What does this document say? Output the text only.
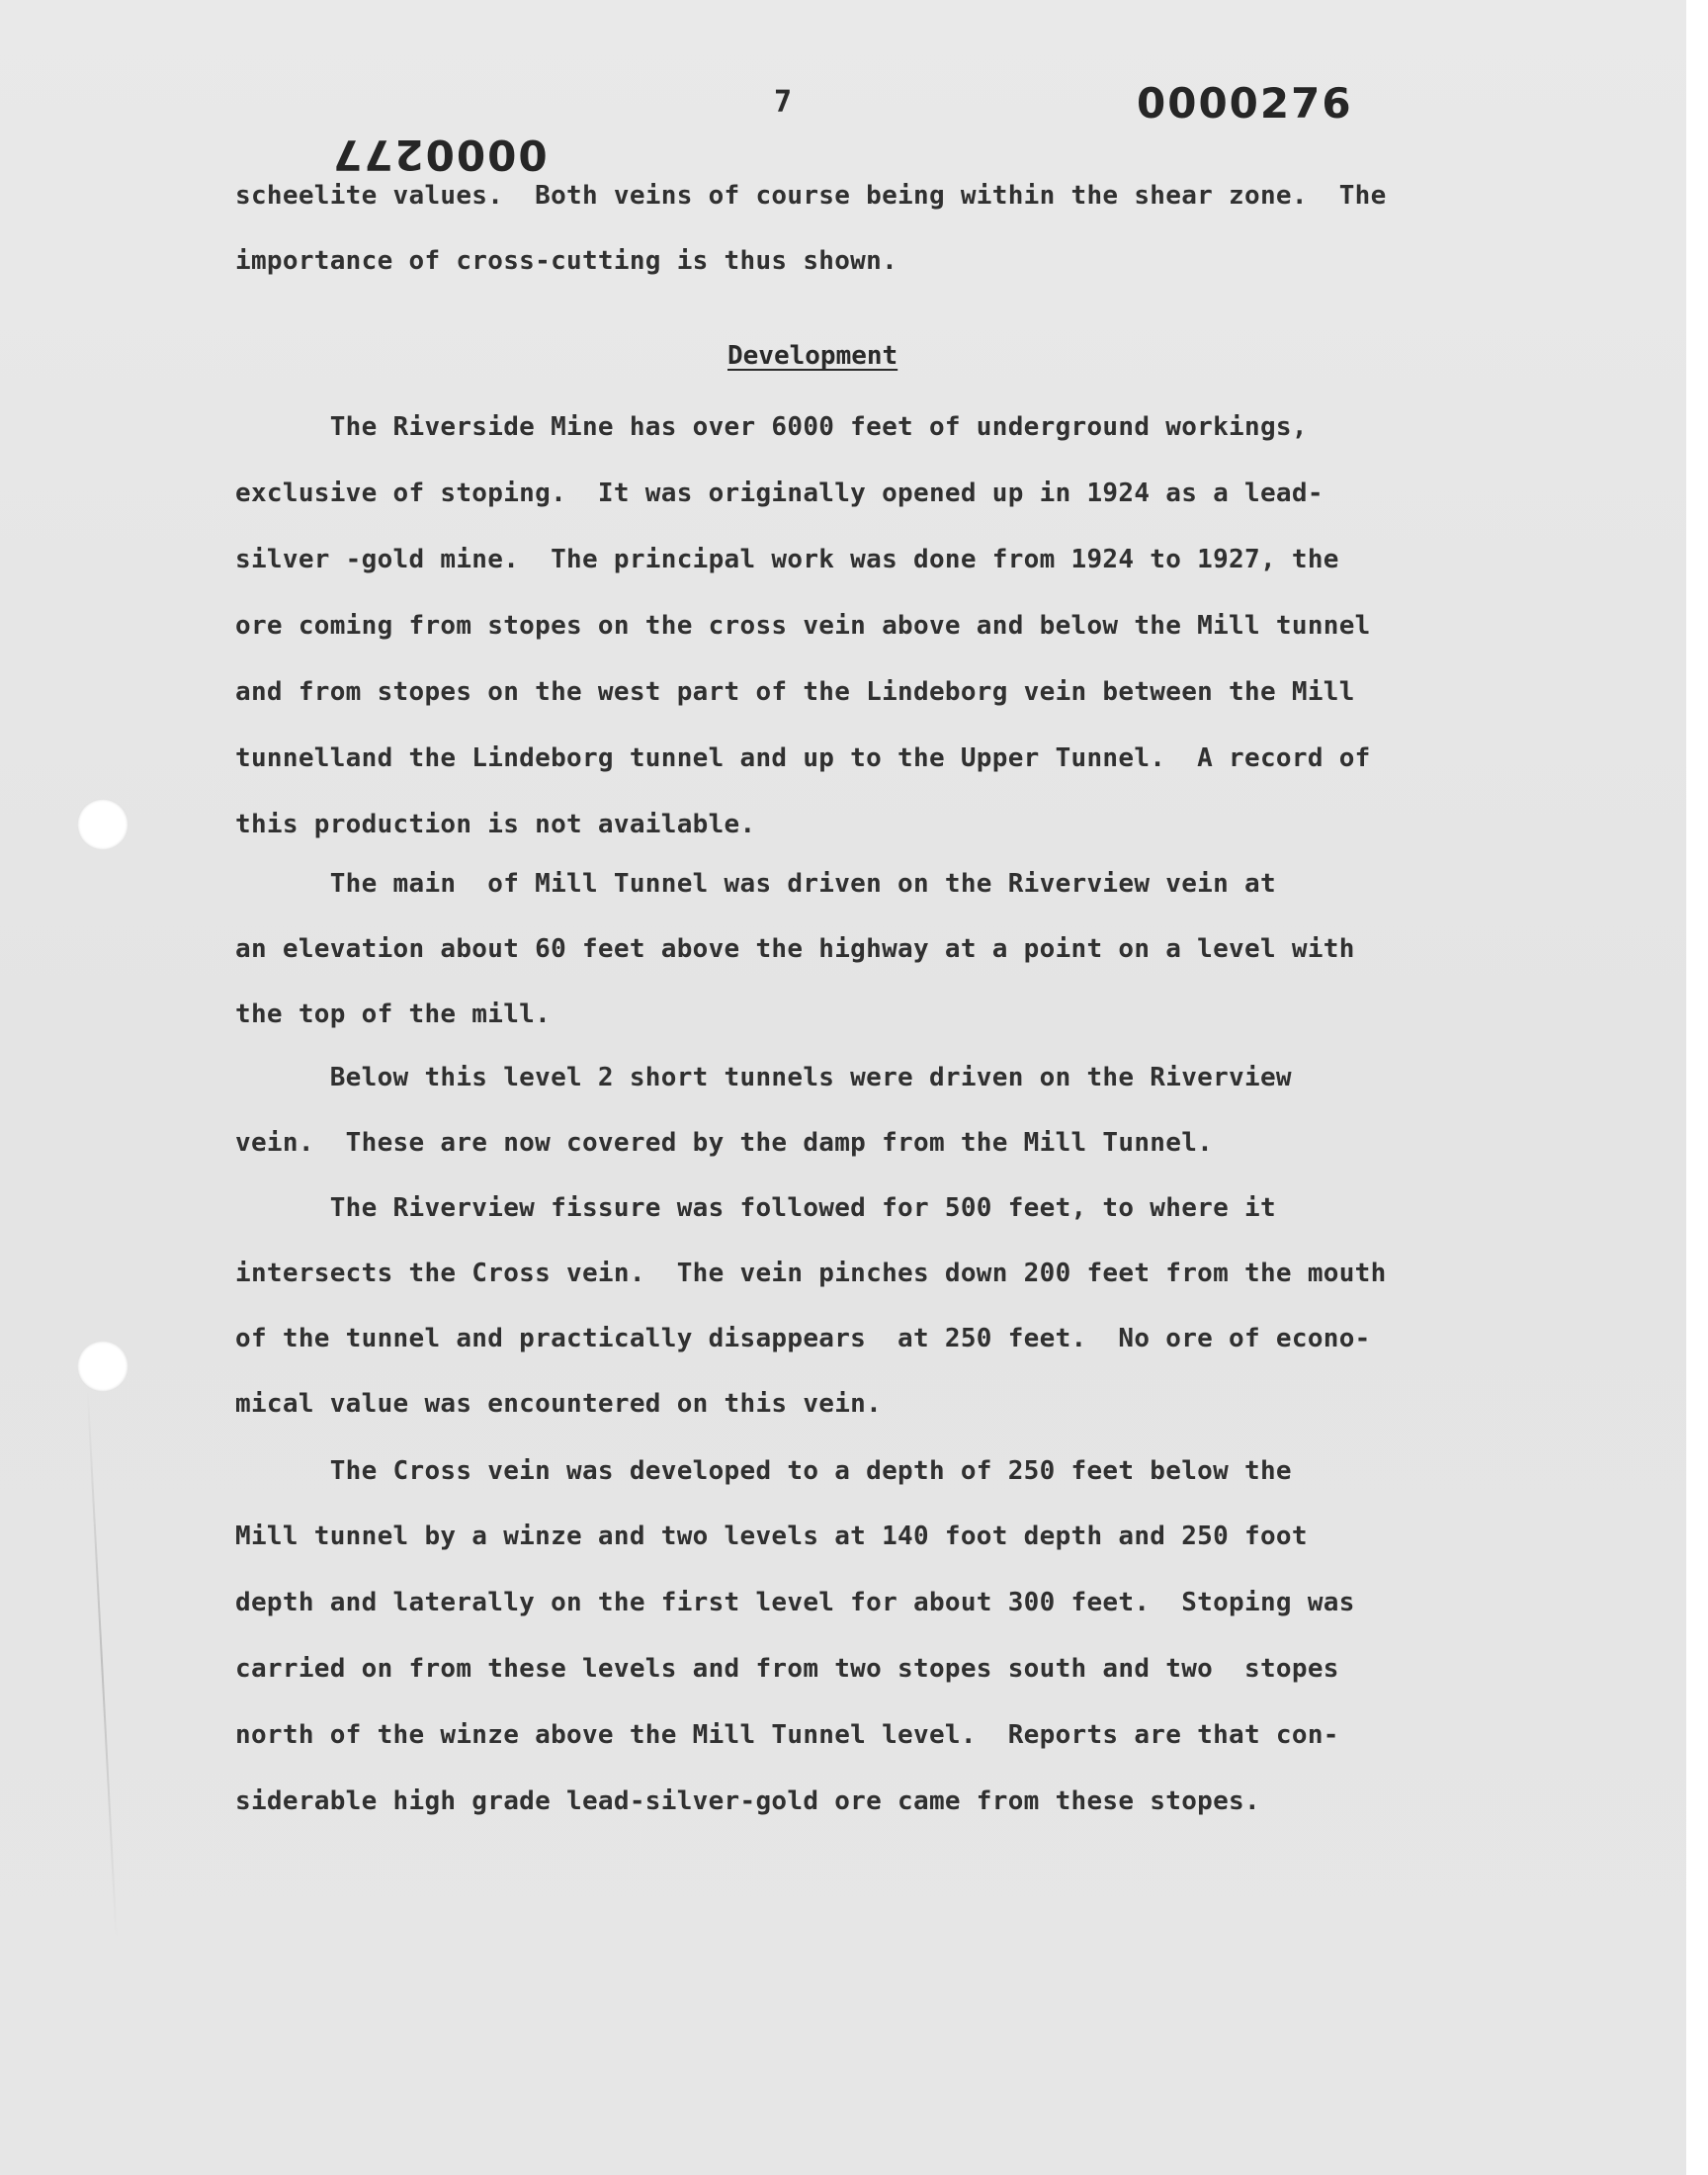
7	0000276
0000277
scheelite values.  Both veins of course being within the shear zone.  The
importance of cross-cutting is thus shown.
Development
The Riverside Mine has over 6000 feet of underground workings,
exclusive of stoping.  It was originally opened up in 1924 as a lead-
silver -gold mine.  The principal work was done from 1924 to 1927, the
ore coming from stopes on the cross vein above and below the Mill tunnel
and from stopes on the west part of the Lindeborg vein between the Mill
tunnelland the Lindeborg tunnel and up to the Upper Tunnel.  A record of
this production is not available.
The main  of Mill Tunnel was driven on the Riverview vein at
an elevation about 60 feet above the highway at a point on a level with
the top of the mill.
Below this level 2 short tunnels were driven on the Riverview
vein.  These are now covered by the damp from the Mill Tunnel.
The Riverview fissure was followed for 500 feet, to where it
intersects the Cross vein.  The vein pinches down 200 feet from the mouth
of the tunnel and practically disappears  at 250 feet.  No ore of econo-
mical value was encountered on this vein.
The Cross vein was developed to a depth of 250 feet below the
Mill tunnel by a winze and two levels at 140 foot depth and 250 foot
depth and laterally on the first level for about 300 feet.  Stoping was
carried on from these levels and from two stopes south and two  stopes
north of the winze above the Mill Tunnel level.  Reports are that con-
siderable high grade lead-silver-gold ore came from these stopes.
